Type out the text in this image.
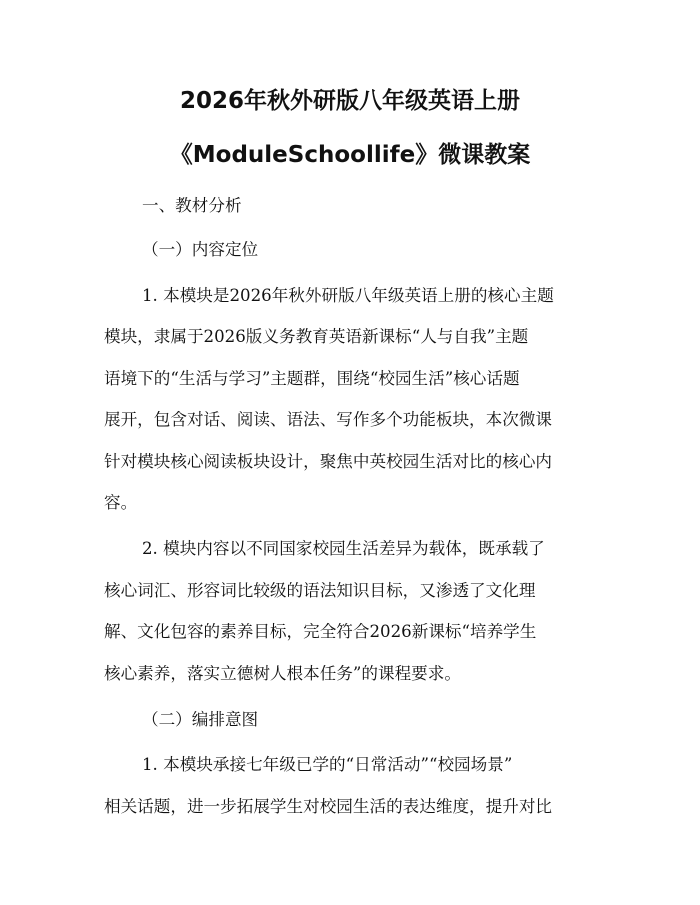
2026年秋外研版八年级英语上册
《ModuleSchoollife》微课教案

一、教材分析

（一）内容定位

1. 本模块是2026年秋外研版八年级英语上册的核心主题

模块，隶属于2026版义务教育英语新课标“人与自我”主题

语境下的“生活与学习”主题群，围绕“校园生活”核心话题

展开，包含对话、阅读、语法、写作多个功能板块，本次微课

针对模块核心阅读板块设计，聚焦中英校园生活对比的核心内

容。

2. 模块内容以不同国家校园生活差异为载体，既承载了

核心词汇、形容词比较级的语法知识目标，又渗透了文化理

解、文化包容的素养目标，完全符合2026新课标“培养学生

核心素养，落实立德树人根本任务”的课程要求。

（二）编排意图

1. 本模块承接七年级已学的“日常活动”“校园场景”

相关话题，进一步拓展学生对校园生活的表达维度，提升对比
